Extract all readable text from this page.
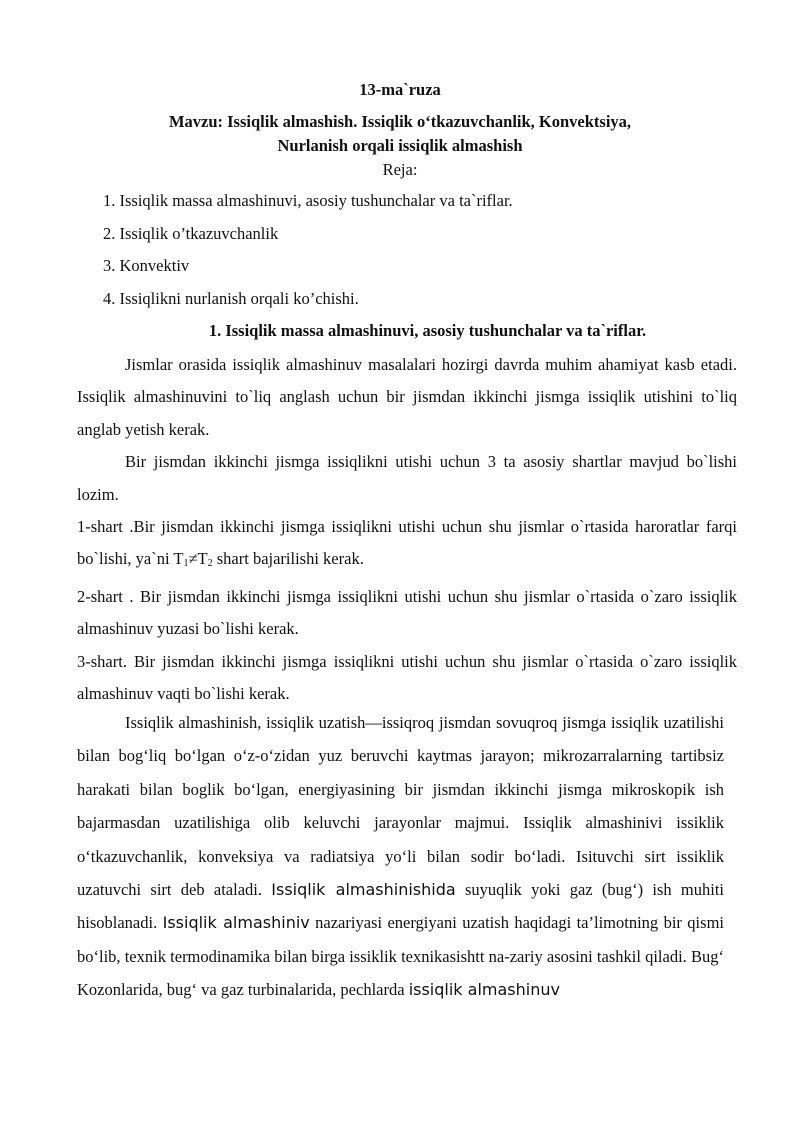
13-ma`ruza
Mavzu: Issiqlik almashish. Issiqlik o‘tkazuvchanlik, Konvektsiya,
Nurlanish orqali issiqlik almashish
Reja:
1. Issiqlik massa almashinuvi, asosiy tushunchalar va ta`riflar.
2. Issiqlik o’tkazuvchanlik
3. Konvektiv
4. Issiqlikni nurlanish orqali ko’chishi.
1. Issiqlik massa almashinuvi, asosiy tushunchalar va ta`riflar.

Jismlar orasida issiqlik almashinuv masalalari hozirgi davrda muhim ahamiyat kasb etadi. Issiqlik almashinuvini to`liq anglash uchun bir jismdan ikkinchi jismga issiqlik utishini to`liq anglab yetish kerak.

Bir jismdan ikkinchi jismga issiqlikni utishi uchun 3 ta asosiy shartlar mavjud bo`lishi lozim.

1-shart .Bir jismdan ikkinchi jismga issiqlikni utishi uchun shu jismlar o`rtasida haroratlar farqi bo`lishi, ya`ni $T_1\ne T_2$ shart bajarilishi kerak.

2-shart . Bir jismdan ikkinchi jismga issiqlikni utishi uchun shu jismlar o`rtasida o`zaro issiqlik almashinuv yuzasi bo`lishi kerak.

3-shart. Bir jismdan ikkinchi jismga issiqlikni utishi uchun shu jismlar o`rtasida o`zaro issiqlik almashinuv vaqti bo`lishi kerak.

Issiqlik almashinish, issiqlik uzatish—issiqroq jismdan sovuqroq jismga issiqlik uzatilishi bilan bog‘liq bo‘lgan o‘z-o‘zidan yuz beruvchi kaytmas jarayon; mikrozarralarning tartibsiz harakati bilan boglik bo‘lgan, energiyasining bir jismdan ikkinchi jismga mikroskopik ish bajarmasdan uzatilishiga olib keluvchi jarayonlar majmui. Issiqlik almashinivi issiklik o‘tkazuvchanlik, konveksiya va radiatsiya yo‘li bilan sodir bo‘ladi. Isituvchi sirt issiklik uzatuvchi sirt deb ataladi. Issiqlik almashinishida suyuqlik yoki gaz (bug‘) ish muhiti hisoblanadi. Issiqlik almashiniv nazariyasi energiyani uzatish haqidagi ta’limotning bir qismi bo‘lib, texnik termodinamika bilan birga issiklik texnikasishtt na-zariy asosini tashkil qiladi. Bug‘ Kozonlarida, bug‘ va gaz turbinalarida, pechlarda issiqlik almashinuv
